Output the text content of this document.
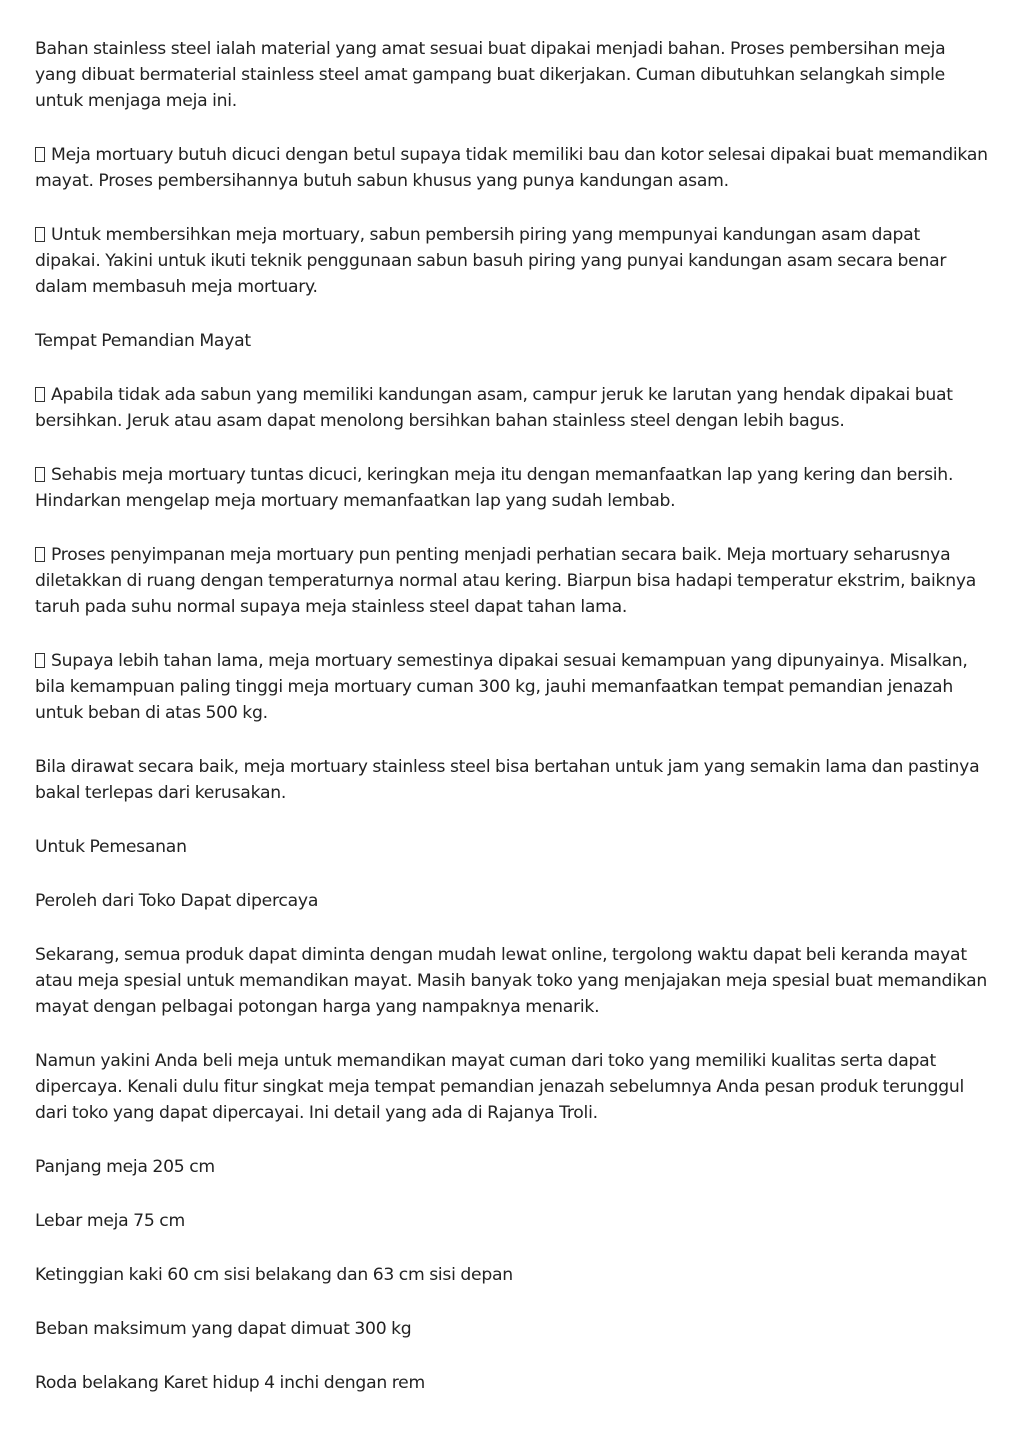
Bahan stainless steel ialah material yang amat sesuai buat dipakai menjadi bahan. Proses pembersihan meja yang dibuat bermaterial stainless steel amat gampang buat dikerjakan. Cuman dibutuhkan selangkah simple untuk menjaga meja ini.

Meja mortuary butuh dicuci dengan betul supaya tidak memiliki bau dan kotor selesai dipakai buat memandikan mayat. Proses pembersihannya butuh sabun khusus yang punya kandungan asam.

Untuk membersihkan meja mortuary, sabun pembersih piring yang mempunyai kandungan asam dapat dipakai. Yakini untuk ikuti teknik penggunaan sabun basuh piring yang punyai kandungan asam secara benar dalam membasuh meja mortuary.

Tempat Pemandian Mayat

Apabila tidak ada sabun yang memiliki kandungan asam, campur jeruk ke larutan yang hendak dipakai buat bersihkan. Jeruk atau asam dapat menolong bersihkan bahan stainless steel dengan lebih bagus.

Sehabis meja mortuary tuntas dicuci, keringkan meja itu dengan memanfaatkan lap yang kering dan bersih. Hindarkan mengelap meja mortuary memanfaatkan lap yang sudah lembab.

Proses penyimpanan meja mortuary pun penting menjadi perhatian secara baik. Meja mortuary seharusnya diletakkan di ruang dengan temperaturnya normal atau kering. Biarpun bisa hadapi temperatur ekstrim, baiknya taruh pada suhu normal supaya meja stainless steel dapat tahan lama.

Supaya lebih tahan lama, meja mortuary semestinya dipakai sesuai kemampuan yang dipunyainya. Misalkan, bila kemampuan paling tinggi meja mortuary cuman 300 kg, jauhi memanfaatkan tempat pemandian jenazah untuk beban di atas 500 kg.

Bila dirawat secara baik, meja mortuary stainless steel bisa bertahan untuk jam yang semakin lama dan pastinya bakal terlepas dari kerusakan.

Untuk Pemesanan

Peroleh dari Toko Dapat dipercaya

Sekarang, semua produk dapat diminta dengan mudah lewat online, tergolong waktu dapat beli keranda mayat atau meja spesial untuk memandikan mayat. Masih banyak toko yang menjajakan meja spesial buat memandikan mayat dengan pelbagai potongan harga yang nampaknya menarik.

Namun yakini Anda beli meja untuk memandikan mayat cuman dari toko yang memiliki kualitas serta dapat dipercaya. Kenali dulu fitur singkat meja tempat pemandian jenazah sebelumnya Anda pesan produk terunggul dari toko yang dapat dipercayai. Ini detail yang ada di Rajanya Troli.

Panjang meja 205 cm

Lebar meja 75 cm

Ketinggian kaki 60 cm sisi belakang dan 63 cm sisi depan

Beban maksimum yang dapat dimuat 300 kg

Roda belakang Karet hidup 4 inchi dengan rem
